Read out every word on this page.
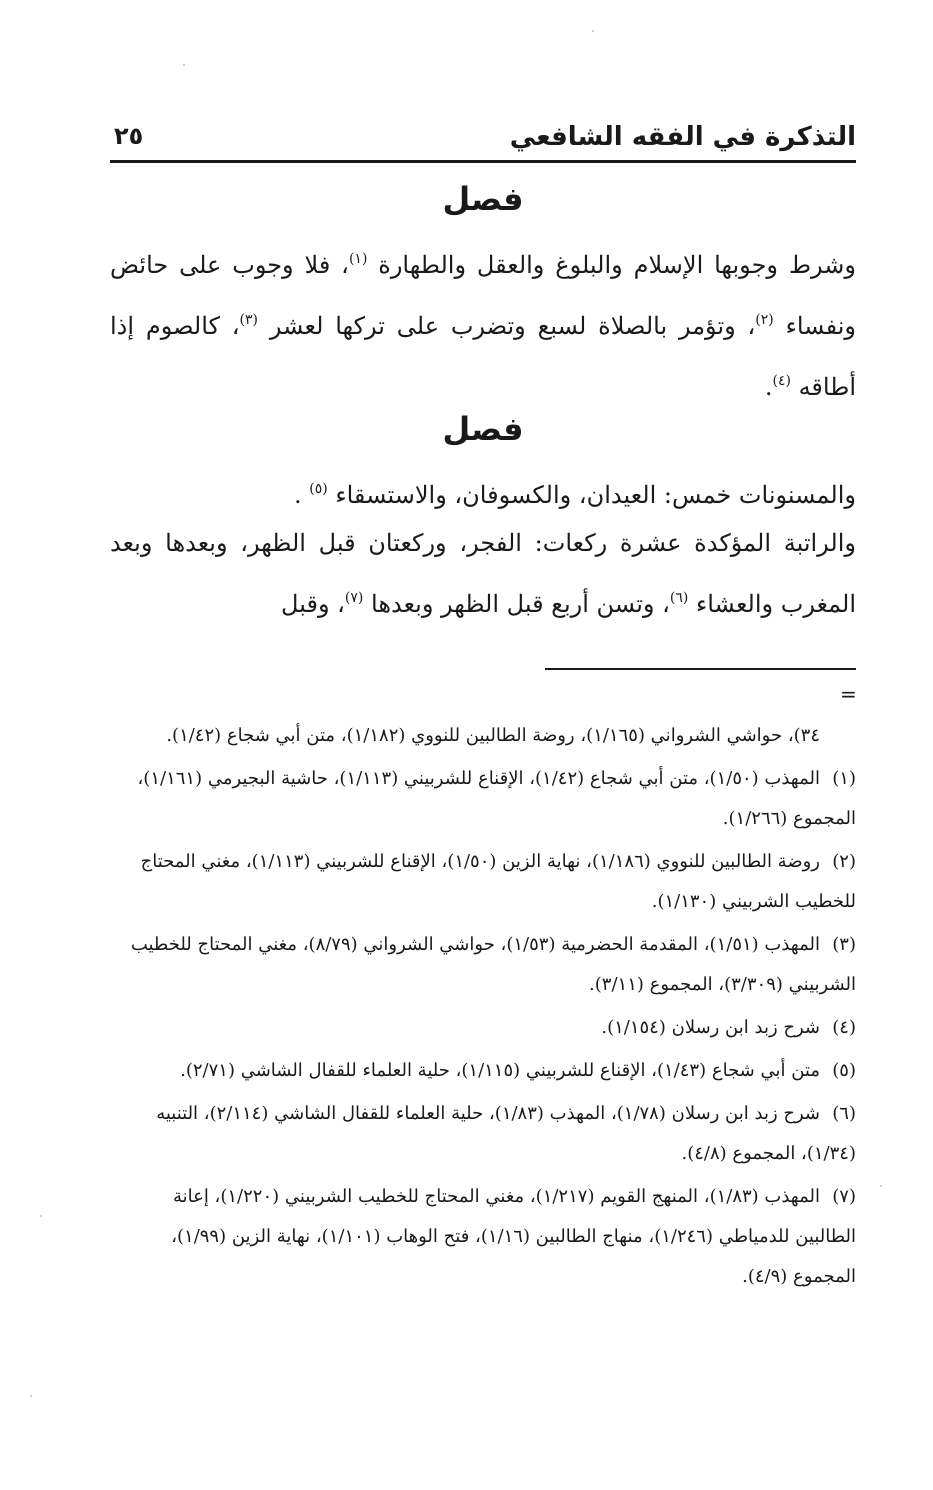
التذكرة في الفقه الشافعي
٢٥
فصل
وشرط وجوبها الإسلام والبلوغ والعقل والطهارة $^{(١)}$، فلا وجوب على حائض ونفساء $^{(٢)}$، وتؤمر بالصلاة لسبع وتضرب على تركها لعشر $^{(٣)}$، كالصوم إذا أطاقه $^{(٤)}$.
فصل
والمسنونات خمس: العيدان، والكسوفان، والاستسقاء $^{(٥)}$ .
والراتبة المؤكدة عشرة ركعات: الفجر، وركعتان قبل الظهر، وبعدها وبعد المغرب والعشاء $^{(٦)}$، وتسن أربع قبل الظهر وبعدها $^{(٧)}$، وقبل
=
٣٤)، حواشي الشرواني (١/١٦٥)، روضة الطالبين للنووي (١/١٨٢)، متن أبي شجاع (١/٤٢).
(١)المهذب (١/٥٠)، متن أبي شجاع (١/٤٢)، الإقناع للشربيني (١/١١٣)، حاشية البجيرمي (١/١٦١)، المجموع (١/٢٦٦).
(٢)روضة الطالبين للنووي (١/١٨٦)، نهاية الزين (١/٥٠)، الإقناع للشربيني (١/١١٣)، مغني المحتاج للخطيب الشربيني (١/١٣٠).
(٣)المهذب (١/٥١)، المقدمة الحضرمية (١/٥٣)، حواشي الشرواني (٨/٧٩)، مغني المحتاج للخطيب الشربيني (٣/٣٠٩)، المجموع (٣/١١).
(٤)شرح زبد ابن رسلان (١/١٥٤).
(٥)متن أبي شجاع (١/٤٣)، الإقناع للشربيني (١/١١٥)، حلية العلماء للقفال الشاشي (٢/٧١).
(٦)شرح زبد ابن رسلان (١/٧٨)، المهذب (١/٨٣)، حلية العلماء للقفال الشاشي (٢/١١٤)، التنبيه (١/٣٤)، المجموع (٤/٨).
(٧)المهذب (١/٨٣)، المنهج القويم (١/٢١٧)، مغني المحتاج للخطيب الشربيني (١/٢٢٠)، إعانة الطالبين للدمياطي (١/٢٤٦)، منهاج الطالبين (١/١٦)، فتح الوهاب (١/١٠١)، نهاية الزين (١/٩٩)، المجموع (٤/٩).
